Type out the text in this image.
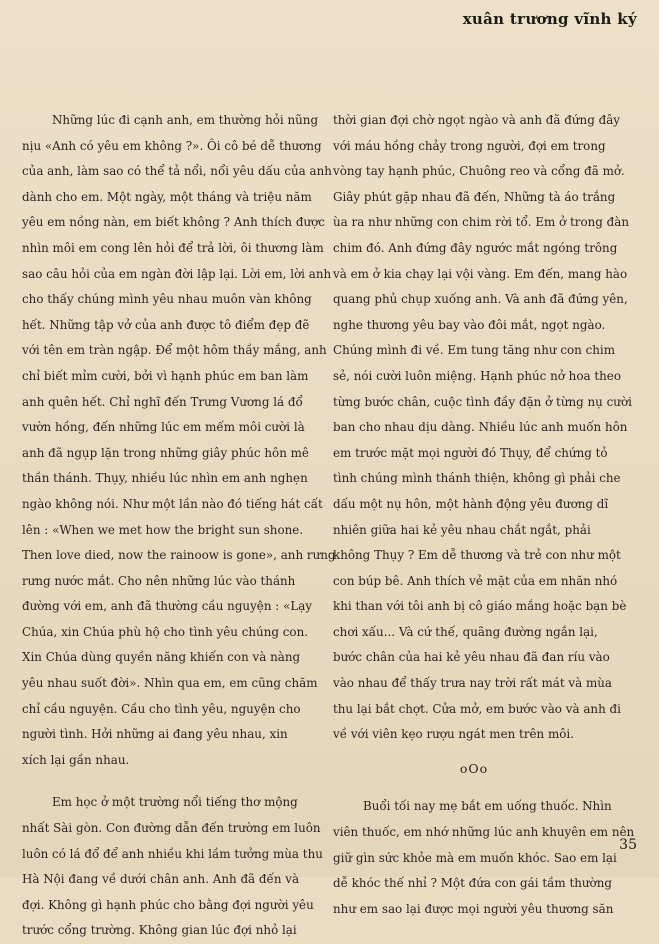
xuân trương vĩnh ký
Những lúc đi cạnh anh, em thường hỏi nũng
nịu «Anh có yêu em không ?». Ôi cô bé dễ thương
của anh, làm sao có thể tả nổi, nổi yêu dấu của anh
dành cho em. Một ngày, một tháng và triệu năm
yêu em nồng nàn, em biết không ? Anh thích được
nhìn môi em cong lên hỏi để trả lời, ôi thương làm
sao câu hỏi của em ngàn đời lập lại. Lời em, lời anh
cho thấy chúng mình yêu nhau muôn vàn không
hết. Những tập vở của anh được tô điểm đẹp đẽ
với tên em tràn ngập. Để một hôm thầy mắng, anh
chỉ biết mỉm cười, bởi vì hạnh phúc em ban làm
anh quên hết. Chỉ nghĩ đến Trưng Vương lá đổ
vườn hồng, đến những lúc em mếm môi cười là
anh đã ngụp lặn trong những giây phúc hôn mê
thần thánh. Thụy, nhiều lúc nhìn em anh nghẹn
ngào không nói. Như một lần nào đó tiếng hát cất
lên : «When we met how the bright sun shone.
Then love died, now the rainoow is gone», anh rưng
rưng nước mắt. Cho nên những lúc vào thánh
đường với em, anh đã thường cầu nguyện : «Lạy
Chúa, xin Chúa phù hộ cho tình yêu chúng con.
Xin Chúa dùng quyền năng khiến con và nàng
yêu nhau suốt đời». Nhìn qua em, em cũng chăm
chỉ cầu nguyện. Cầu cho tình yêu, nguyện cho
người tình. Hởi những ai đang yêu nhau, xin
xích lại gần nhau.
Em học ở một trường nổi tiếng thơ mộng
nhất Sài gòn. Con đường dẫn đến trường em luôn
luôn có lá đổ để anh nhiều khi lầm tưởng mùa thu
Hà Nội đang về dưới chân anh. Anh đã đến và
đợi. Không gì hạnh phúc cho bằng đợi người yêu
trước cổng trường. Không gian lúc đợi nhỏ lại
thời gian đợi chờ ngọt ngào và anh đã đứng đây
với máu hồng chảy trong người, đợi em trong
vòng tay hạnh phúc, Chuông reo và cổng đã mở.
Giây phút gặp nhau đã đến, Những tà áo trắng
ùa ra như những con chim rời tổ. Em ở trong đàn
chim đó. Anh đứng đây ngước mắt ngóng trông
và em ở kia chạy lại vội vàng. Em đến, mang hào
quang phủ chụp xuống anh. Và anh đã đứng yên,
nghe thương yêu bay vào đôi mắt, ngọt ngào.
Chúng mình đi về. Em tung tăng như con chim
sẻ, nói cười luôn miệng. Hạnh phúc nở hoa theo
từng bước chân, cuộc tình đầy đặn ở từng nụ cười
ban cho nhau dịu dàng. Nhiều lúc anh muốn hôn
em trước mặt mọi người đó Thụy, để chứng tỏ
tình chúng mình thánh thiện, không gì phải che
dấu một nụ hôn, một hành động yêu đương dĩ
nhiên giữa hai kẻ yêu nhau chắt ngắt, phải
không Thụy ? Em dễ thương và trẻ con như một
con búp bê. Anh thích vẻ mặt của em nhăn nhó
khi than với tôi anh bị cô giáo mắng hoặc bạn bè
chơi xấu... Và cứ thế, quãng đường ngắn lại,
bước chân của hai kẻ yêu nhau đã đan ríu vào
vào nhau để thấy trưa nay trời rất mát và mùa
thu lại bắt chợt. Cửa mở, em bước vào và anh đi
về với viên kẹo rượu ngát men trên môi.
oOo
Buổi tối nay mẹ bắt em uống thuốc. Nhìn
viên thuốc, em nhớ những lúc anh khuyên em nên
giữ gìn sức khỏe mà em muốn khóc. Sao em lại
dễ khóc thế nhỉ ? Một đứa con gái tầm thường
như em sao lại được mọi người yêu thương săn
35
